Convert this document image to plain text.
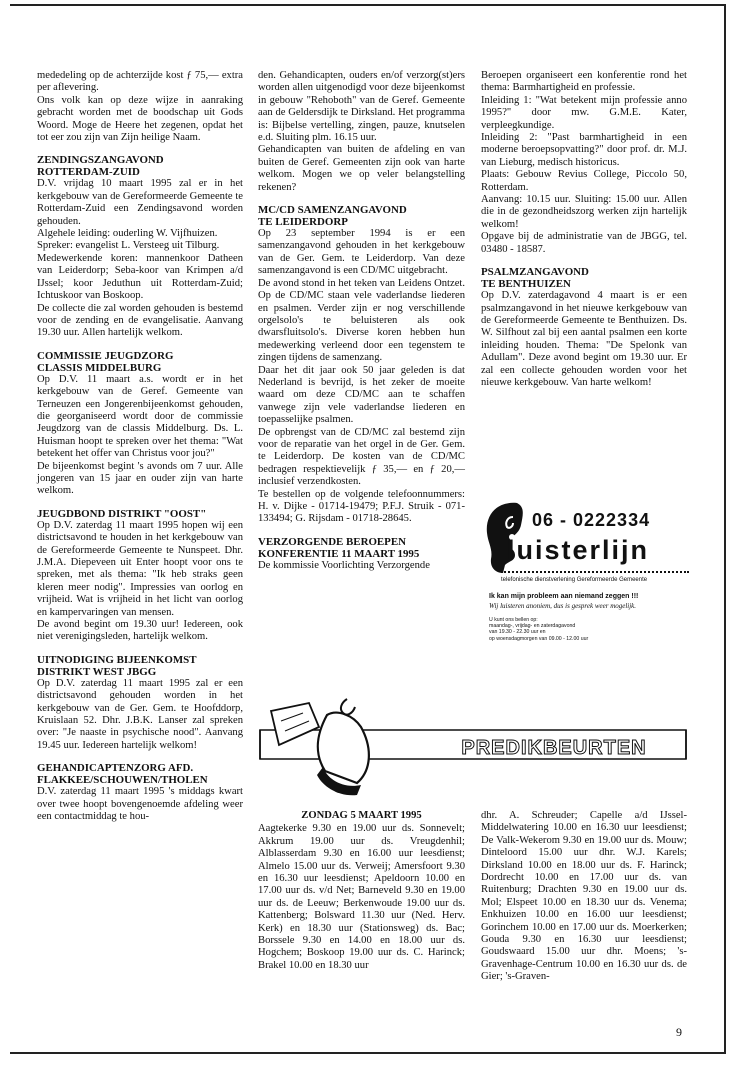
mededeling op de achterzijde kost ƒ 75,— extra per aflevering.

Ons volk kan op deze wijze in aanraking gebracht worden met de boodschap uit Gods Woord. Moge de Heere het zegenen, opdat het tot eer zou zijn van Zijn heilige Naam.

ZENDINGSZANGAVOND
ROTTERDAM-ZUID

D.V. vrijdag 10 maart 1995 zal er in het kerkgebouw van de Gereformeerde Gemeente te Rotterdam-Zuid een Zendingsavond worden gehouden.

Algehele leiding: ouderling W. Vijfhuizen.

Spreker: evangelist L. Versteeg uit Tilburg.

Medewerkende koren: mannenkoor Datheen van Leiderdorp; Seba-koor van Krimpen a/d IJssel; koor Jeduthun uit Rotterdam-Zuid; Ichtuskoor van Boskoop.

De collecte die zal worden gehouden is bestemd voor de zending en de evangelisatie. Aanvang 19.30 uur. Allen hartelijk welkom.

COMMISSIE JEUGDZORG
CLASSIS MIDDELBURG

Op D.V. 11 maart a.s. wordt er in het kerkgebouw van de Geref. Gemeente van Terneuzen een Jongerenbijeenkomst gehouden, die georganiseerd wordt door de commissie Jeugdzorg van de classis Middelburg. Ds. L. Huisman hoopt te spreken over het thema: "Wat betekent het offer van Christus voor jou?"

De bijeenkomst begint 's avonds om 7 uur. Alle jongeren van 15 jaar en ouder zijn van harte welkom.

JEUGDBOND DISTRIKT "OOST"

Op D.V. zaterdag 11 maart 1995 hopen wij een districtsavond te houden in het kerkgebouw van de Gereformeerde Gemeente te Nunspeet. Dhr. J.M.A. Diepeveen uit Enter hoopt voor ons te spreken, met als thema: "Ik heb straks geen kleren meer nodig". Impressies van oorlog en vrijheid. Wat is vrijheid in het licht van oorlog en kampervaringen van mensen.

De avond begint om 19.30 uur! Iedereen, ook niet verenigingsleden, hartelijk welkom.

UITNODIGING BIJEENKOMST
DISTRIKT WEST JBGG

Op D.V. zaterdag 11 maart 1995 zal er een districtsavond gehouden worden in het kerkgebouw van de Ger. Gem. te Hoofddorp, Kruislaan 52. Dhr. J.B.K. Lanser zal spreken over: "Je naaste in psychische nood". Aanvang 19.45 uur. Iedereen hartelijk welkom!

GEHANDICAPTENZORG AFD.
FLAKKEE/SCHOUWEN/THOLEN

D.V. zaterdag 11 maart 1995 's middags kwart over twee hoopt bovengenoemde afdeling weer een contactmiddag te hou-

den. Gehandicapten, ouders en/of verzorg(st)ers worden allen uitgenodigd voor deze bijeenkomst in gebouw "Rehoboth" van de Geref. Gemeente aan de Geldersdijk te Dirksland. Het programma is: Bijbelse vertelling, zingen, pauze, knutselen e.d. Sluiting plm. 16.15 uur.

Gehandicapten van buiten de afdeling en van buiten de Geref. Gemeenten zijn ook van harte welkom. Mogen we op veler belangstelling rekenen?

MC/CD SAMENZANGAVOND
TE LEIDERDORP

Op 23 september 1994 is er een samenzangavond gehouden in het kerkgebouw van de Ger. Gem. te Leiderdorp. Van deze samenzangavond is een CD/MC uitgebracht.

De avond stond in het teken van Leidens Ontzet. Op de CD/MC staan vele vaderlandse liederen en psalmen. Verder zijn er nog verschillende orgelsolo's te beluisteren als ook dwarsfluitsolo's. Diverse koren hebben hun medewerking verleend door een tegenstem te zingen tijdens de samenzang.

Daar het dit jaar ook 50 jaar geleden is dat Nederland is bevrijd, is het zeker de moeite waard om deze CD/MC aan te schaffen vanwege zijn vele vaderlandse liederen en toepasselijke psalmen.

De opbrengst van de CD/MC zal bestemd zijn voor de reparatie van het orgel in de Ger. Gem. te Leiderdorp. De kosten van de CD/MC bedragen respektievelijk ƒ 35,— en ƒ 20,— inclusief verzendkosten.

Te bestellen op de volgende telefoonnummers: H. v. Dijke - 01714-19479; P.F.J. Struik - 071-133494; G. Rijsdam - 01718-28645.

VERZORGENDE BEROEPEN
KONFERENTIE 11 MAART 1995

De kommissie Voorlichting Verzorgende

Beroepen organiseert een konferentie rond het thema: Barmhartigheid en professie.

Inleiding 1: "Wat betekent mijn professie anno 1995?" door mw. G.M.E. Kater, verpleegkundige.

Inleiding 2: "Past barmhartigheid in een moderne beroepsopvatting?" door prof. dr. M.J. van Lieburg, medisch historicus.

Plaats: Gebouw Revius College, Piccolo 50, Rotterdam.

Aanvang: 10.15 uur. Sluiting: 15.00 uur. Allen die in de gezondheidszorg werken zijn hartelijk welkom!

Opgave bij de administratie van de JBGG, tel. 03480 - 18587.

PSALMZANGAVOND
TE BENTHUIZEN

Op D.V. zaterdagavond 4 maart is er een psalmzangavond in het nieuwe kerkgebouw van de Gereformeerde Gemeente te Benthuizen. Ds. W. Silfhout zal bij een aantal psalmen een korte inleiding houden. Thema: "De Spelonk van Adullam". Deze avond begint om 19.30 uur. Er zal een collecte gehouden worden voor het nieuwe kerkgebouw. Van harte welkom!

06 - 0222334
luisterlijn
telefonische dienstverlening Gereformeerde Gemeente
Ik kan mijn probleem aan niemand zeggen !!!
Wij luisteren anoniem, dus is gesprek weer mogelijk.
U kunt ons bellen op:
maandag-, vrijdag- en zaterdagavond
van 19.30 - 22.30 uur en
op woensdagmorgen van 09.00 - 12.00 uur
PREDIKBEURTEN

ZONDAG 5 MAART 1995

Aagtekerke 9.30 en 19.00 uur ds. Sonnevelt; Akkrum 19.00 uur ds. Vreugdenhil; Alblasserdam 9.30 en 16.00 uur leesdienst; Almelo 15.00 uur ds. Verweij; Amersfoort 9.30 en 16.30 uur leesdienst; Apeldoorn 10.00 en 17.00 uur ds. v/d Net; Barneveld 9.30 en 19.00 uur ds. de Leeuw; Berkenwoude 19.00 uur ds. Kattenberg; Bolsward 11.30 uur (Ned. Herv. Kerk) en 18.30 uur (Stationsweg) ds. Bac; Borssele 9.30 en 14.00 en 18.00 uur ds. Hogchem; Boskoop 19.00 uur ds. C. Harinck; Brakel 10.00 en 18.30 uur

dhr. A. Schreuder; Capelle a/d IJssel-Middelwatering 10.00 en 16.30 uur leesdienst; De Valk-Wekerom 9.30 en 19.00 uur ds. Mouw; Dinteloord 15.00 uur dhr. W.J. Karels; Dirksland 10.00 en 18.00 uur ds. F. Harinck; Dordrecht 10.00 en 17.00 uur ds. van Ruitenburg; Drachten 9.30 en 19.00 uur ds. Mol; Elspeet 10.00 en 18.30 uur ds. Venema; Enkhuizen 10.00 en 16.00 uur leesdienst; Gorinchem 10.00 en 17.00 uur ds. Moerkerken; Gouda 9.30 en 16.30 uur leesdienst; Goudswaard 15.00 uur dhr. Moens; 's-Gravenhage-Centrum 10.00 en 16.30 uur ds. de Gier; 's-Graven-

9
